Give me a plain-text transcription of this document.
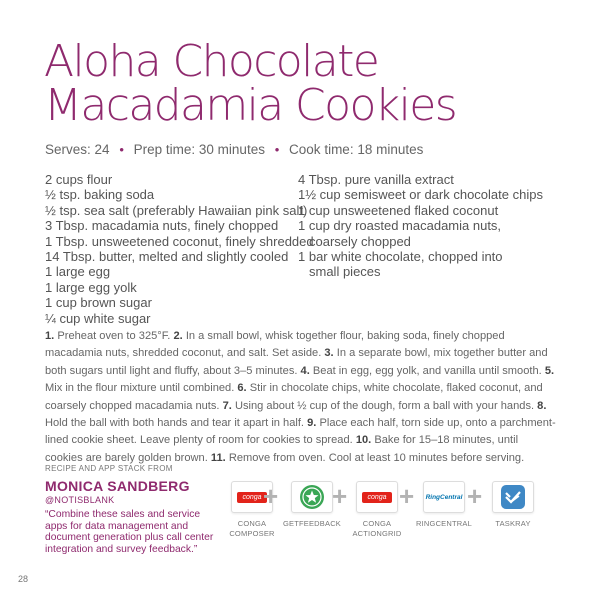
Aloha Chocolate
Macadamia Cookies
Serves: 24 • Prep time: 30 minutes • Cook time: 18 minutes
2 cups flour
½ tsp. baking soda
½ tsp. sea salt (preferably Hawaiian pink salt)
3 Tbsp. macadamia nuts, finely chopped
1 Tbsp. unsweetened coconut, finely shredded
14 Tbsp. butter, melted and slightly cooled
1 large egg
1 large egg yolk
1 cup brown sugar
¼ cup white sugar
4 Tbsp. pure vanilla extract
1½ cup semisweet or dark chocolate chips
1 cup unsweetened flaked coconut
1 cup dry roasted macadamia nuts,
coarsely chopped
1 bar white chocolate, chopped into
small pieces
1. Preheat oven to 325°F. 2. In a small bowl, whisk together flour, baking soda, finely chopped macadamia nuts, shredded coconut, and salt. Set aside. 3. In a separate bowl, mix together butter and both sugars until light and fluffy, about 3–5 minutes. 4. Beat in egg, egg yolk, and vanilla until smooth. 5. Mix in the flour mixture until combined. 6. Stir in chocolate chips, white chocolate, flaked coconut, and coarsely chopped macadamia nuts. 7. Using about ½ cup of the dough, form a ball with your hands. 8. Hold the ball with both hands and tear it apart in half. 9. Place each half, torn side up, onto a parchment-lined cookie sheet. Leave plenty of room for cookies to spread. 10. Bake for 15–18 minutes, until cookies are barely golden brown. 11. Remove from oven. Cool at least 10 minutes before serving.
RECIPE AND APP STACK FROM
MONICA SANDBERG
@NOTISBLANK
“Combine these sales and service apps for data management and document generation plus call center integration and survey feedback.”
conga
CONGA
COMPOSER
+
GETFEEDBACK
+	conga
CONGA
ACTIONGRID
+ RingCentral
RINGCENTRAL
+
TASKRAY
28
